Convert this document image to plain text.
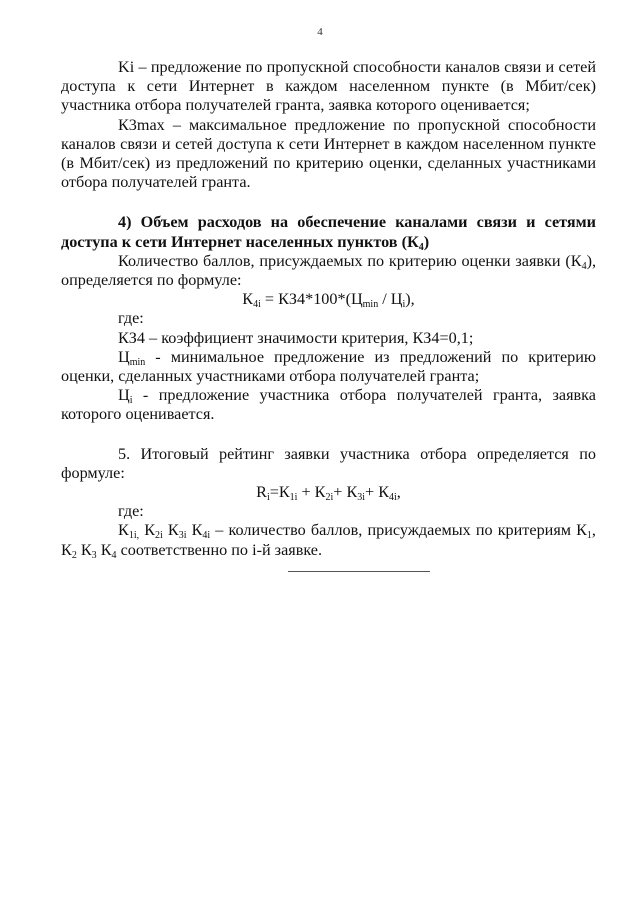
4

Ki – предложение по пропускной способности каналов связи и сетей доступа к сети Интернет в каждом населенном пункте (в Мбит/сек) участника отбора получателей гранта, заявка которого оценивается;

К3max – максимальное предложение по пропускной способности каналов связи и сетей доступа к сети Интернет в каждом населенном пункте (в Мбит/сек) из предложений по критерию оценки, сделанных участниками отбора получателей гранта.

4) Объем расходов на обеспечение каналами связи и сетями доступа к сети Интернет населенных пунктов $(К_4)$

Количество баллов, присуждаемых по критерию оценки заявки $(К_4)$, определяется по формуле:

$К_{4i} = КЗ4*100*(Ц_{min} / Ц_i)$,

где:

КЗ4 – коэффициент значимости критерия, КЗ4=0,1;

$Ц_{min}$ - минимальное предложение из предложений по критерию оценки, сделанных участниками отбора получателей гранта;

$Ц_i$ - предложение участника отбора получателей гранта, заявка которого оценивается.

5. Итоговый рейтинг заявки участника отбора определяется по формуле:

$R_i=К_{1i} + К_{2i}+ К_{3i}+ К_{4i}$,

где:

$К_{1i,}$ $К_{2i}$ $К_{3i}$ $К_{4i}$ – количество баллов, присуждаемых по критериям $К_1$, $К_2$ $К_3$ $К_4$ соответственно по i-й заявке.
